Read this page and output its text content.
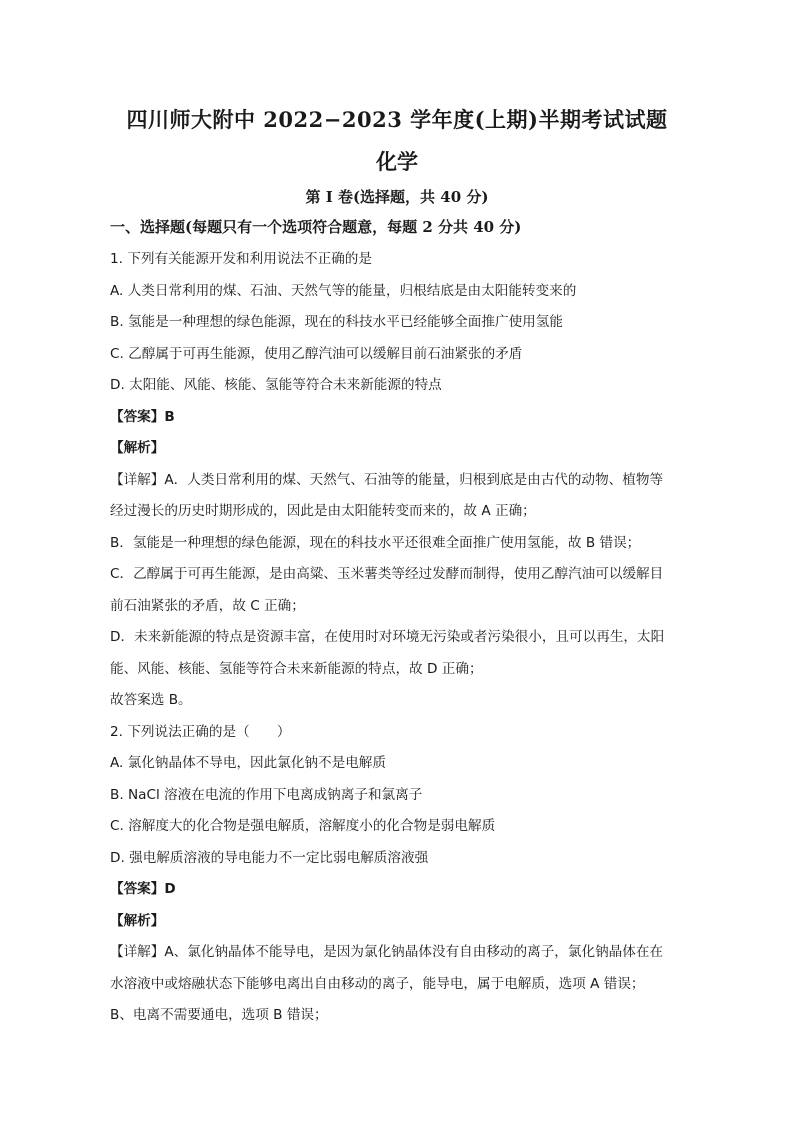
四川师大附中 2022−2023 学年度(上期)半期考试试题
化学
第 I 卷(选择题，共 40 分)
一、选择题(每题只有一个选项符合题意，每题 2 分共 40 分)
1. 下列有关能源开发和利用说法不正确的是
A. 人类日常利用的煤、石油、天然气等的能量，归根结底是由太阳能转变来的
B. 氢能是一种理想的绿色能源，现在的科技水平已经能够全面推广使用氢能
C. 乙醇属于可再生能源，使用乙醇汽油可以缓解目前石油紧张的矛盾
D. 太阳能、风能、核能、氢能等符合未来新能源的特点
【答案】B
【解析】
【详解】A．人类日常利用的煤、天然气、石油等的能量，归根到底是由古代的动物、植物等
经过漫长的历史时期形成的，因此是由太阳能转变而来的，故 A 正确；
B．氢能是一种理想的绿色能源，现在的科技水平还很难全面推广使用氢能，故 B 错误；
C．乙醇属于可再生能源，是由高粱、玉米薯类等经过发酵而制得，使用乙醇汽油可以缓解目
前石油紧张的矛盾，故 C 正确；
D．未来新能源的特点是资源丰富，在使用时对环境无污染或者污染很小，且可以再生，太阳
能、风能、核能、氢能等符合未来新能源的特点，故 D 正确；
故答案选 B。
2. 下列说法正确的是（　　）
A. 氯化钠晶体不导电，因此氯化钠不是电解质
B. NaCl 溶液在电流的作用下电离成钠离子和氯离子
C. 溶解度大的化合物是强电解质，溶解度小的化合物是弱电解质
D. 强电解质溶液的导电能力不一定比弱电解质溶液强
【答案】D
【解析】
【详解】A、氯化钠晶体不能导电，是因为氯化钠晶体没有自由移动的离子，氯化钠晶体在在
水溶液中或熔融状态下能够电离出自由移动的离子，能导电，属于电解质，选项 A 错误；
B、电离不需要通电，选项 B 错误；
